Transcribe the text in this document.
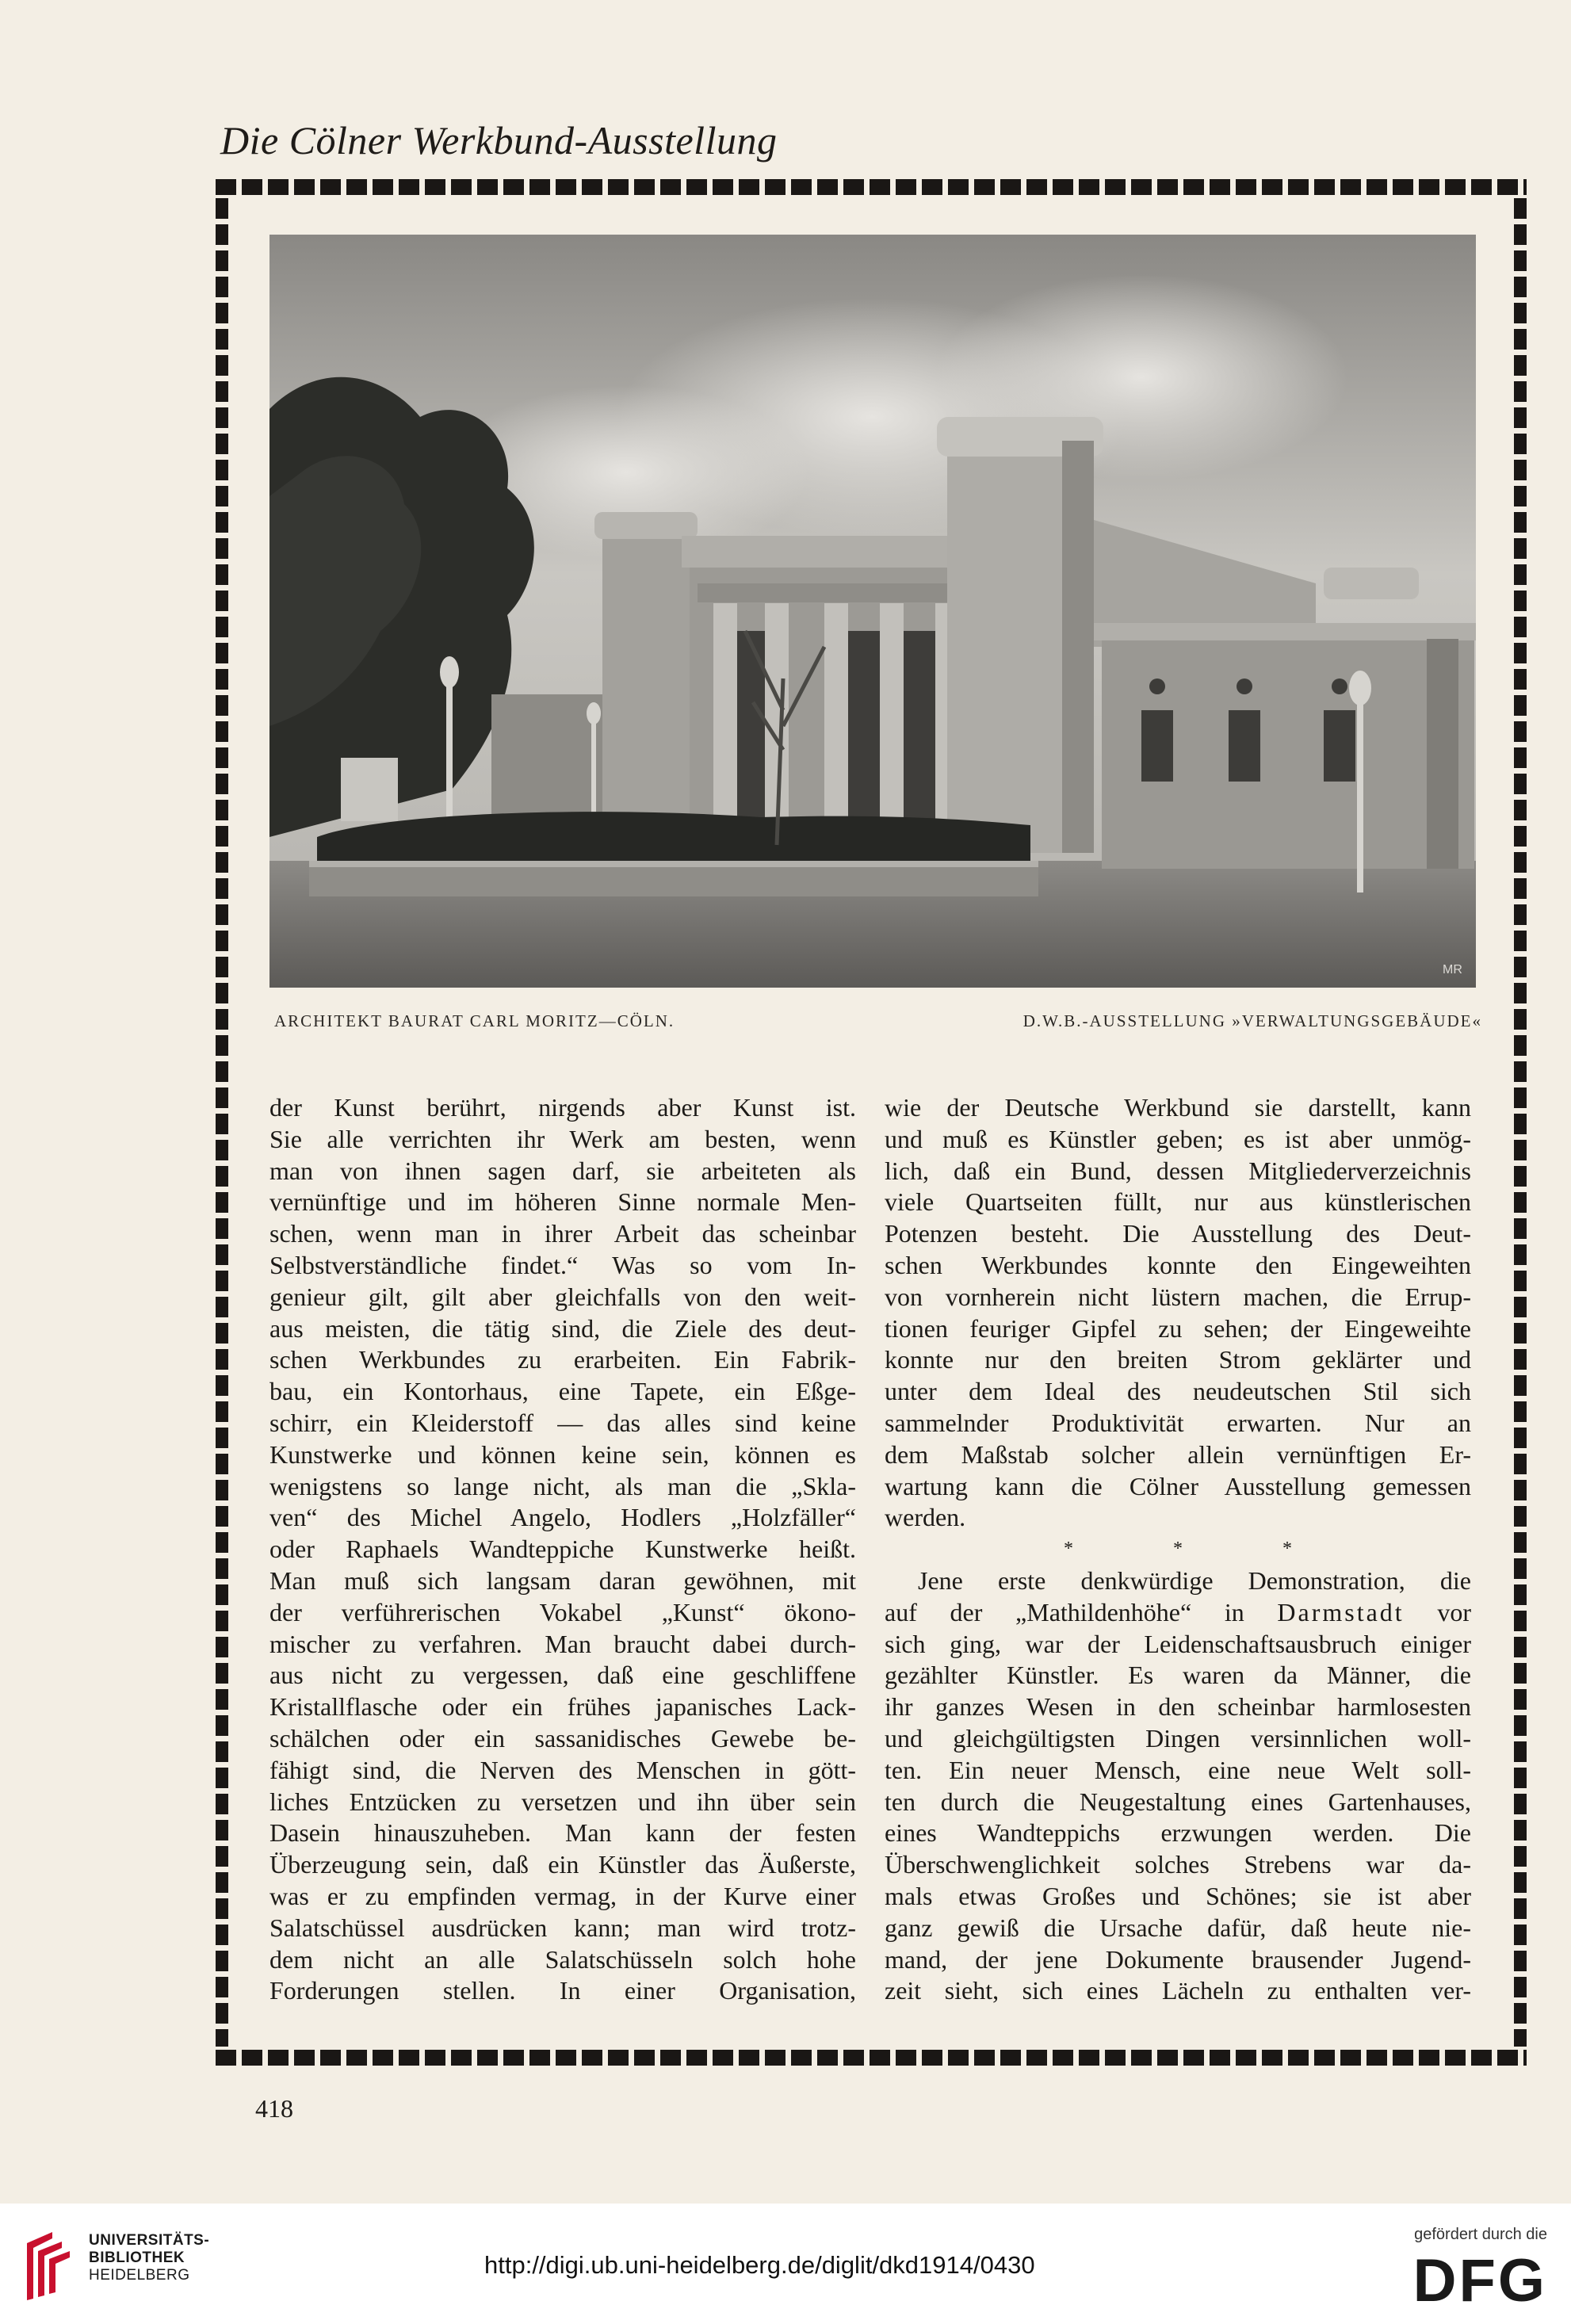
Die Cölner Werkbund-Ausstellung
MR
ARCHITEKT BAURAT CARL MORITZ—CÖLN.	D.W.B.-AUSSTELLUNG »VERWALTUNGSGEBÄUDE«
der Kunst berührt, nirgends aber Kunst ist.
Sie alle verrichten ihr Werk am besten, wenn
man von ihnen sagen darf, sie arbeiteten als
vernünftige und im höheren Sinne normale Men-
schen, wenn man in ihrer Arbeit das scheinbar
Selbstverständliche findet.“ Was so vom In-
genieur gilt, gilt aber gleichfalls von den weit-
aus meisten, die tätig sind, die Ziele des deut-
schen Werkbundes zu erarbeiten. Ein Fabrik-
bau, ein Kontorhaus, eine Tapete, ein Eßge-
schirr, ein Kleiderstoff — das alles sind keine
Kunstwerke und können keine sein, können es
wenigstens so lange nicht, als man die „Skla-
ven“ des Michel Angelo, Hodlers „Holzfäller“
oder Raphaels Wandteppiche Kunstwerke heißt.
Man muß sich langsam daran gewöhnen, mit
der verführerischen Vokabel „Kunst“ ökono-
mischer zu verfahren. Man braucht dabei durch-
aus nicht zu vergessen, daß eine geschliffene
Kristallflasche oder ein frühes japanisches Lack-
schälchen oder ein sassanidisches Gewebe be-
fähigt sind, die Nerven des Menschen in gött-
liches Entzücken zu versetzen und ihn über sein
Dasein hinauszuheben. Man kann der festen
Überzeugung sein, daß ein Künstler das Äußerste,
was er zu empfinden vermag, in der Kurve einer
Salatschüssel ausdrücken kann; man wird trotz-
dem nicht an alle Salatschüsseln solch hohe
Forderungen stellen. In einer Organisation,
wie der Deutsche Werkbund sie darstellt, kann
und muß es Künstler geben; es ist aber unmög-
lich, daß ein Bund, dessen Mitgliederverzeichnis
viele Quartseiten füllt, nur aus künstlerischen
Potenzen besteht. Die Ausstellung des Deut-
schen Werkbundes konnte den Eingeweihten
von vornherein nicht lüstern machen, die Errup-
tionen feuriger Gipfel zu sehen; der Eingeweihte
konnte nur den breiten Strom geklärter und
unter dem Ideal des neudeutschen Stil sich
sammelnder Produktivität erwarten. Nur an
dem Maßstab solcher allein vernünftigen Er-
wartung kann die Cölner Ausstellung gemessen
werden.
* * *
Jene erste denkwürdige Demonstration, die
auf der „Mathildenhöhe“ in Darmstadt vor
sich ging, war der Leidenschaftsausbruch einiger
gezählter Künstler. Es waren da Männer, die
ihr ganzes Wesen in den scheinbar harmlosesten
und gleichgültigsten Dingen versinnlichen woll-
ten. Ein neuer Mensch, eine neue Welt soll-
ten durch die Neugestaltung eines Gartenhauses,
eines Wandteppichs erzwungen werden. Die
Überschwenglichkeit solches Strebens war da-
mals etwas Großes und Schönes; sie ist aber
ganz gewiß die Ursache dafür, daß heute nie-
mand, der jene Dokumente brausender Jugend-
zeit sieht, sich eines Lächeln zu enthalten ver-
418
UNIVERSITÄTS-
BIBLIOTHEK
HEIDELBERG	http://digi.ub.uni-heidelberg.de/diglit/dkd1914/0430
gefördert durch die
DFG
